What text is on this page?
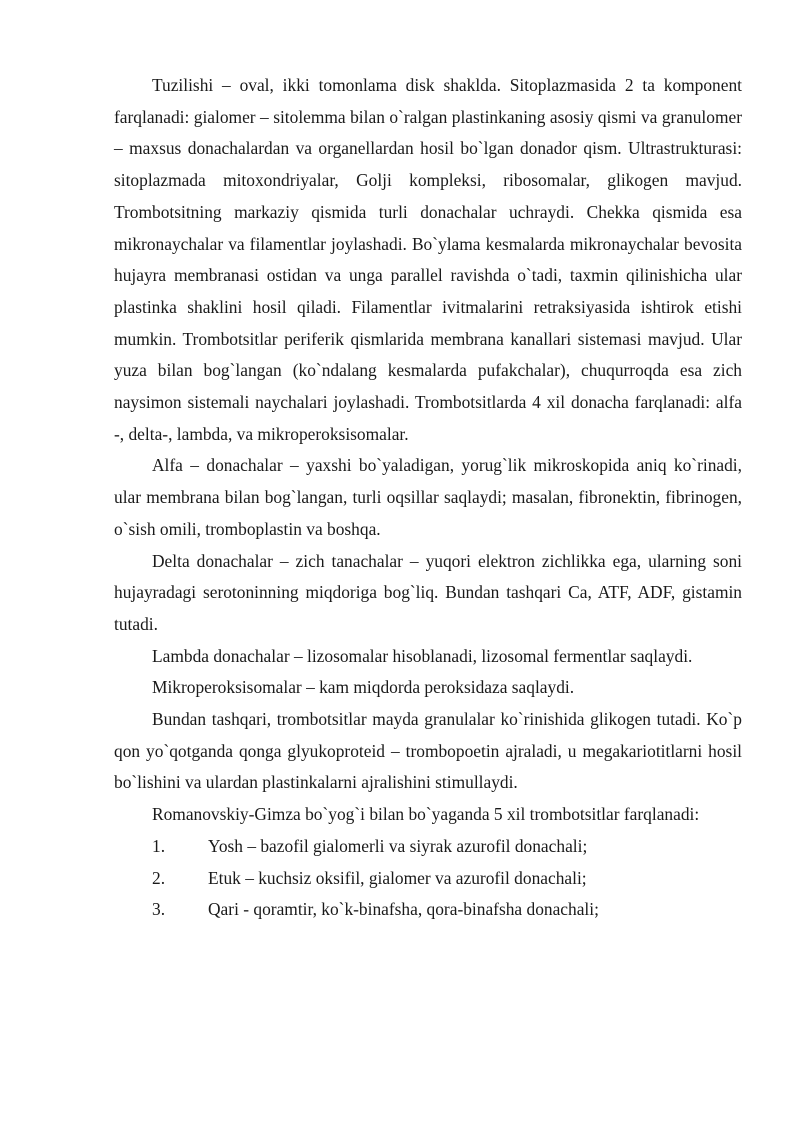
Tuzilishi – oval, ikki tomonlama disk shaklda. Sitoplazmasida 2 ta komponent farqlanadi: gialomer – sitolemma bilan o`ralgan plastinkaning asosiy qismi va granulomer – maxsus donachalardan va organellardan hosil bo`lgan donador qism. Ultrastrukturasi: sitoplazmada mitoxondriyalar, Golji kompleksi, ribosomalar, glikogen mavjud. Trombotsitning markaziy qismida turli donachalar uchraydi. Chekka qismida esa mikronaychalar va filamentlar joylashadi. Bo`ylama kesmalarda mikronaychalar bevosita hujayra membranasi ostidan va unga parallel ravishda o`tadi, taxmin qilinishicha ular plastinka shaklini hosil qiladi. Filamentlar ivitmalarini retraksiyasida ishtirok etishi mumkin. Trombotsitlar periferik qismlarida membrana kanallari sistemasi mavjud. Ular yuza bilan bog`langan (ko`ndalang kesmalarda pufakchalar), chuqurroqda esa zich naysimon sistemali naychalari joylashadi. Trombotsitlarda 4 xil donacha farqlanadi: alfa -, delta-, lambda, va mikroperoksisomalar.

Alfa – donachalar – yaxshi bo`yaladigan, yorug`lik mikroskopida aniq ko`rinadi, ular membrana bilan bog`langan, turli oqsillar saqlaydi; masalan, fibronektin, fibrinogen, o`sish omili, tromboplastin va boshqa.

Delta donachalar – zich tanachalar – yuqori elektron zichlikka ega, ularning soni hujayradagi serotoninning miqdoriga bog`liq. Bundan tashqari Ca, ATF, ADF, gistamin tutadi.

Lambda donachalar – lizosomalar hisoblanadi, lizosomal fermentlar saqlaydi.

Mikroperoksisomalar – kam miqdorda peroksidaza saqlaydi.

Bundan tashqari, trombotsitlar mayda granulalar ko`rinishida glikogen tutadi. Ko`p qon yo`qotganda qonga glyukoproteid – trombopoetin ajraladi, u megakariotitlarni hosil bo`lishini va ulardan plastinkalarni ajralishini stimullaydi.

Romanovskiy-Gimza bo`yog`i bilan bo`yaganda 5 xil trombotsitlar farqlanadi:

1.	Yosh – bazofil gialomerli va siyrak azurofil donachali;
2.	Etuk – kuchsiz oksifil, gialomer va azurofil donachali;
3.	Qari - qoramtir, ko`k-binafsha, qora-binafsha donachali;
